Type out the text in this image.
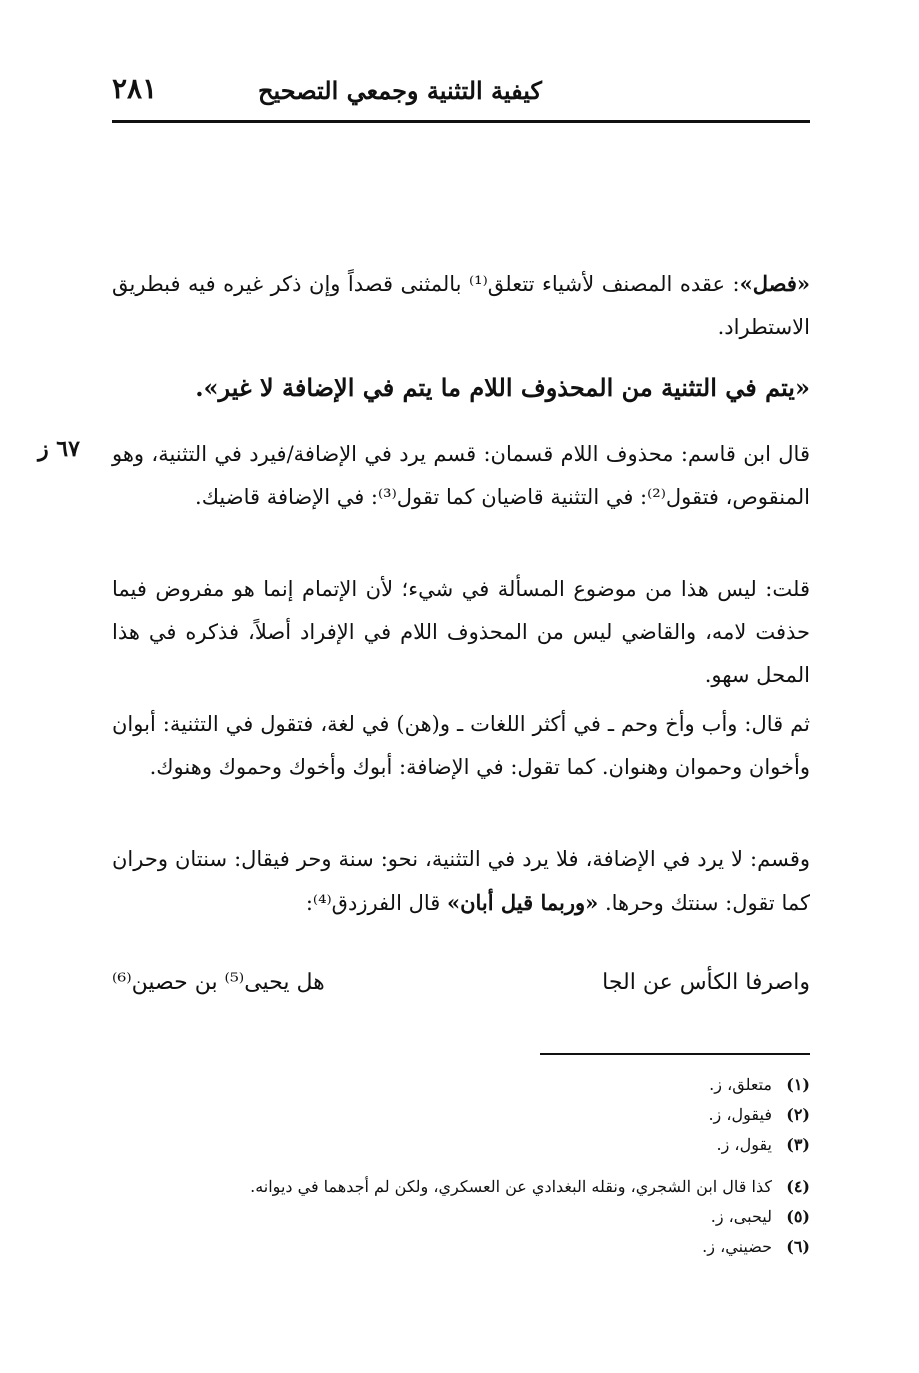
٢٨١	كيفية التثنية وجمعي التصحيح
«فصل»: عقده المصنف لأشياء تتعلق⁽¹⁾ بالمثنى قصداً وإن ذكر غيره فيه فبطريق الاستطراد.
«يتم في التثنية من المحذوف اللام ما يتم في الإضافة لا غير».
٦٧ ز	قال ابن قاسم: محذوف اللام قسمان: قسم يرد في الإضافة/فيرد في التثنية، وهو المنقوص، فتقول⁽²⁾: في التثنية قاضيان كما تقول⁽³⁾: في الإضافة قاضيك.
قلت: ليس هذا من موضوع المسألة في شيء؛ لأن الإتمام إنما هو مفروض فيما حذفت لامه، والقاضي ليس من المحذوف اللام في الإفراد أصلاً، فذكره في هذا المحل سهو.
ثم قال: وأب وأخ وحم ـ في أكثر اللغات ـ و(هن) في لغة، فتقول في التثنية: أبوان وأخوان وحموان وهنوان. كما تقول: في الإضافة: أبوك وأخوك وحموك وهنوك.
وقسم: لا يرد في الإضافة، فلا يرد في التثنية، نحو: سنة وحر فيقال: سنتان وحران كما تقول: سنتك وحرها. «وربما قيل أبان» قال الفرزدق⁽⁴⁾:
واصرفا الكأس عن الجا
هل يحيى⁽⁵⁾ بن حصين⁽⁶⁾
(١)متعلق، ز.
(٢)فيقول، ز.
(٣)يقول، ز.
(٤)كذا قال ابن الشجري، ونقله البغدادي عن العسكري، ولكن لم أجدهما في ديوانه.
(٥)ليحبى، ز.
(٦)حضيني، ز.
